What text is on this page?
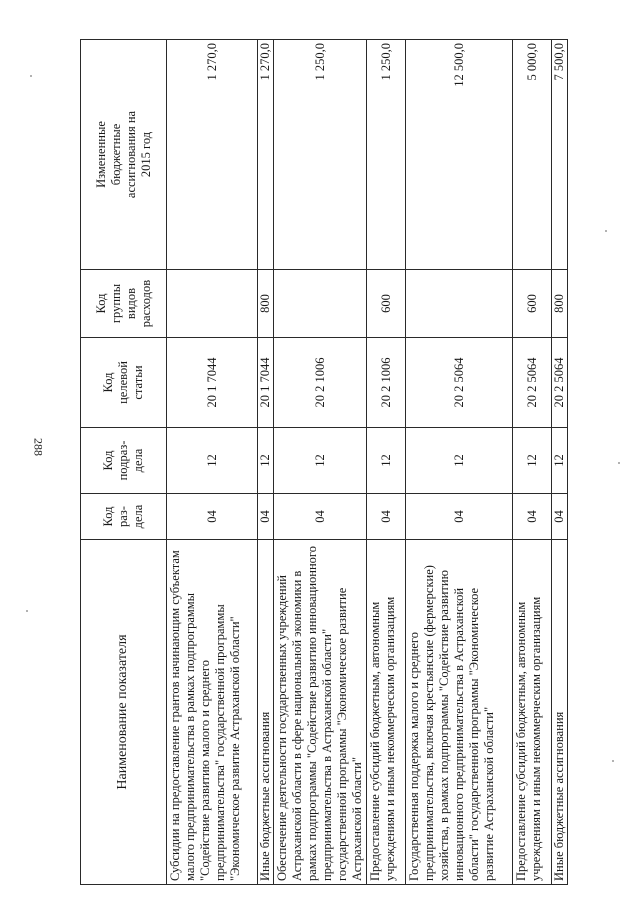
288
Наименование показателя	Код
раз-
дела	Код
подраз-
дела	Код
целевой
статьи	Код
группы
видов
расходов	Измененные
бюджетные
ассигнования на
2015 год
Субсидии на предоставление грантов начинающим субъектам малого предпринимательства в рамках подпрограммы "Содействие развитию малого и среднего предпринимательства" государственной программы "Экономическое развитие Астраханской области"	04	12	20 1 7044		1 270,0
Иные бюджетные ассигнования	04	12	20 1 7044	800	1 270,0
Обеспечение деятельности государственных учреждений Астраханской области в сфере национальной экономики в рамках подпрограммы "Содействие развитию инновационного предпринимательства в Астраханской области" государственной программы "Экономическое развитие Астраханской области"	04	12	20 2 1006		1 250,0
Предоставление субсидий бюджетным, автономным учреждениям и иным некоммерческим организациям	04	12	20 2 1006	600	1 250,0
Государственная поддержка малого и среднего предпринимательства, включая крестьянские (фермерские) хозяйства, в рамках подпрограммы "Содействие развитию инновационного предпринимательства в Астраханской области" государственной программы "Экономическое развитие Астраханской области"	04	12	20 2 5064		12 500,0
Предоставление субсидий бюджетным, автономным учреждениям и иным некоммерческим организациям	04	12	20 2 5064	600	5 000,0
Иные бюджетные ассигнования	04	12	20 2 5064	800	7 500,0
